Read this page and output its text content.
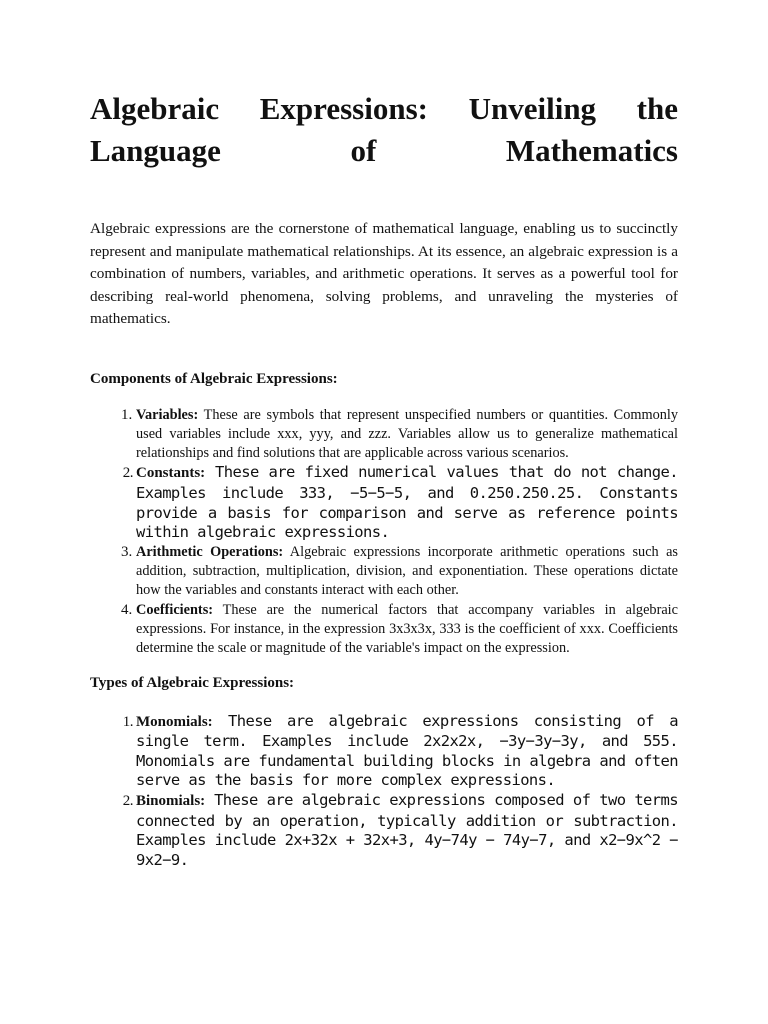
Algebraic Expressions: Unveiling the
Language of Mathematics

Algebraic expressions are the cornerstone of mathematical language, enabling us to succinctly represent and manipulate mathematical relationships. At its essence, an algebraic expression is a combination of numbers, variables, and arithmetic operations. It serves as a powerful tool for describing real-world phenomena, solving problems, and unraveling the mysteries of mathematics.

Components of Algebraic Expressions:

1. Variables: These are symbols that represent unspecified numbers or quantities. Commonly used variables include xxx, yyy, and zzz. Variables allow us to generalize mathematical relationships and find solutions that are applicable across various scenarios.
2. Constants: These are fixed numerical values that do not change. Examples include 333, −5−5−5, and 0.250.250.25. Constants provide a basis for comparison and serve as reference points within algebraic expressions.
3. Arithmetic Operations: Algebraic expressions incorporate arithmetic operations such as addition, subtraction, multiplication, division, and exponentiation. These operations dictate how the variables and constants interact with each other.
4. Coefficients: These are the numerical factors that accompany variables in algebraic expressions. For instance, in the expression 3x3x3x, 333 is the coefficient of xxx. Coefficients determine the scale or magnitude of the variable's impact on the expression.

Types of Algebraic Expressions:

1. Monomials: These are algebraic expressions consisting of a single term. Examples include 2x2x2x, −3y−3y−3y, and 555. Monomials are fundamental building blocks in algebra and often serve as the basis for more complex expressions.
2. Binomials: These are algebraic expressions composed of two terms connected by an operation, typically addition or subtraction. Examples include 2x+32x + 32x+3, 4y−74y − 74y−7, and x2−9x^2 − 9x2−9.
